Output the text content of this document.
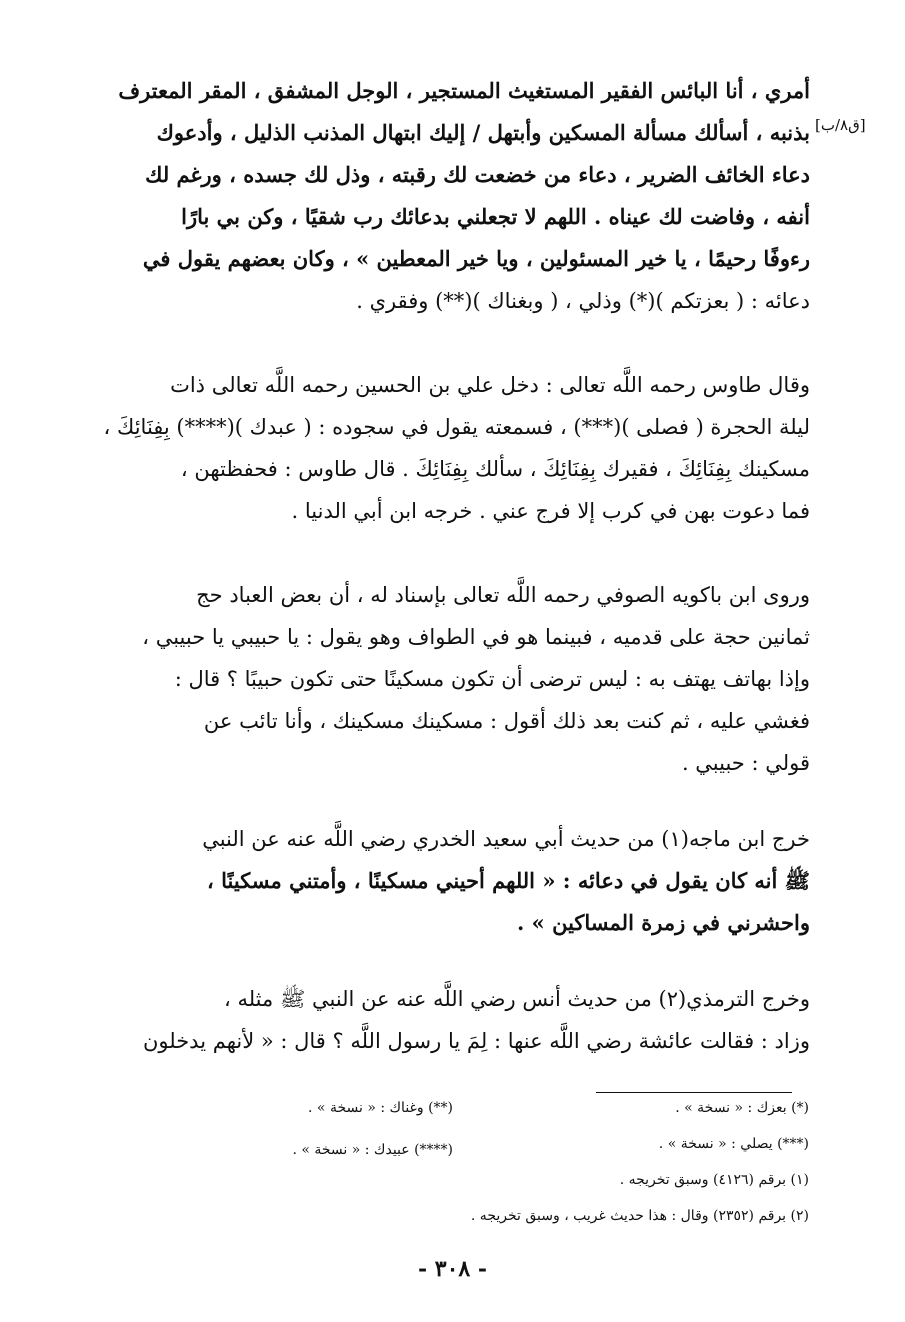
[ق٨/ب]
أمري ، أنا البائس الفقير المستغيث المستجير ، الوجل المشفق ، المقر المعترف
بذنبه ، أسألك مسألة المسكين وأبتهل / إليك ابتهال المذنب الذليل ، وأدعوك
دعاء الخائف الضرير ، دعاء من خضعت لك رقبته ، وذل لك جسده ، ورغم لك
أنفه ، وفاضت لك عيناه . اللهم لا تجعلني بدعائك رب شقيًا ، وكن بي بارًا
رءوفًا رحيمًا ، يا خير المسئولين ، ويا خير المعطين » ، وكان بعضهم يقول في
دعائه : ( بعزتكم )(*) وذلي ، ( وبغناك )(**) وفقري .
وقال طاوس رحمه اللَّه تعالى : دخل علي بن الحسين رحمه اللَّه تعالى ذات
ليلة الحجرة ( فصلى )(***) ، فسمعته يقول في سجوده : ( عبدك )(****) بِفِنَائِكَ ،
مسكينك بِفِنَائِكَ ، فقيرك بِفِنَائِكَ ، سألك بِفِنَائِكَ . قال طاوس : فحفظتهن ،
فما دعوت بهن في كرب إلا فرج عني . خرجه ابن أبي الدنيا .
وروى ابن باكويه الصوفي رحمه اللَّه تعالى بإسناد له ، أن بعض العباد حج
ثمانين حجة على قدميه ، فبينما هو في الطواف وهو يقول : يا حبيبي يا حبيبي ،
وإذا بهاتف يهتف به : ليس ترضى أن تكون مسكينًا حتى تكون حبيبًا ؟ قال :
فغشي عليه ، ثم كنت بعد ذلك أقول : مسكينك مسكينك ، وأنا تائب عن
قولي : حبيبي .
خرج ابن ماجه(١) من حديث أبي سعيد الخدري رضي اللَّه عنه عن النبي
ﷺ أنه كان يقول في دعائه : « اللهم أحيني مسكينًا ، وأمتني مسكينًا ،
واحشرني في زمرة المساكين » .
وخرج الترمذي(٢) من حديث أنس رضي اللَّه عنه عن النبي ﷺ مثله ،
وزاد : فقالت عائشة رضي اللَّه عنها : لِمَ يا رسول اللَّه ؟ قال : « لأنهم يدخلون
(*) بعزك : « نسخة » .
(**) وغناك : « نسخة » .
(***) يصلي : « نسخة » .
(****) عبيدك : « نسخة » .
(١) برقم (٤١٢٦) وسبق تخريجه .
(٢) برقم (٢٣٥٢) وقال : هذا حديث غريب ، وسبق تخريجه .
- ٣٠٨ -
